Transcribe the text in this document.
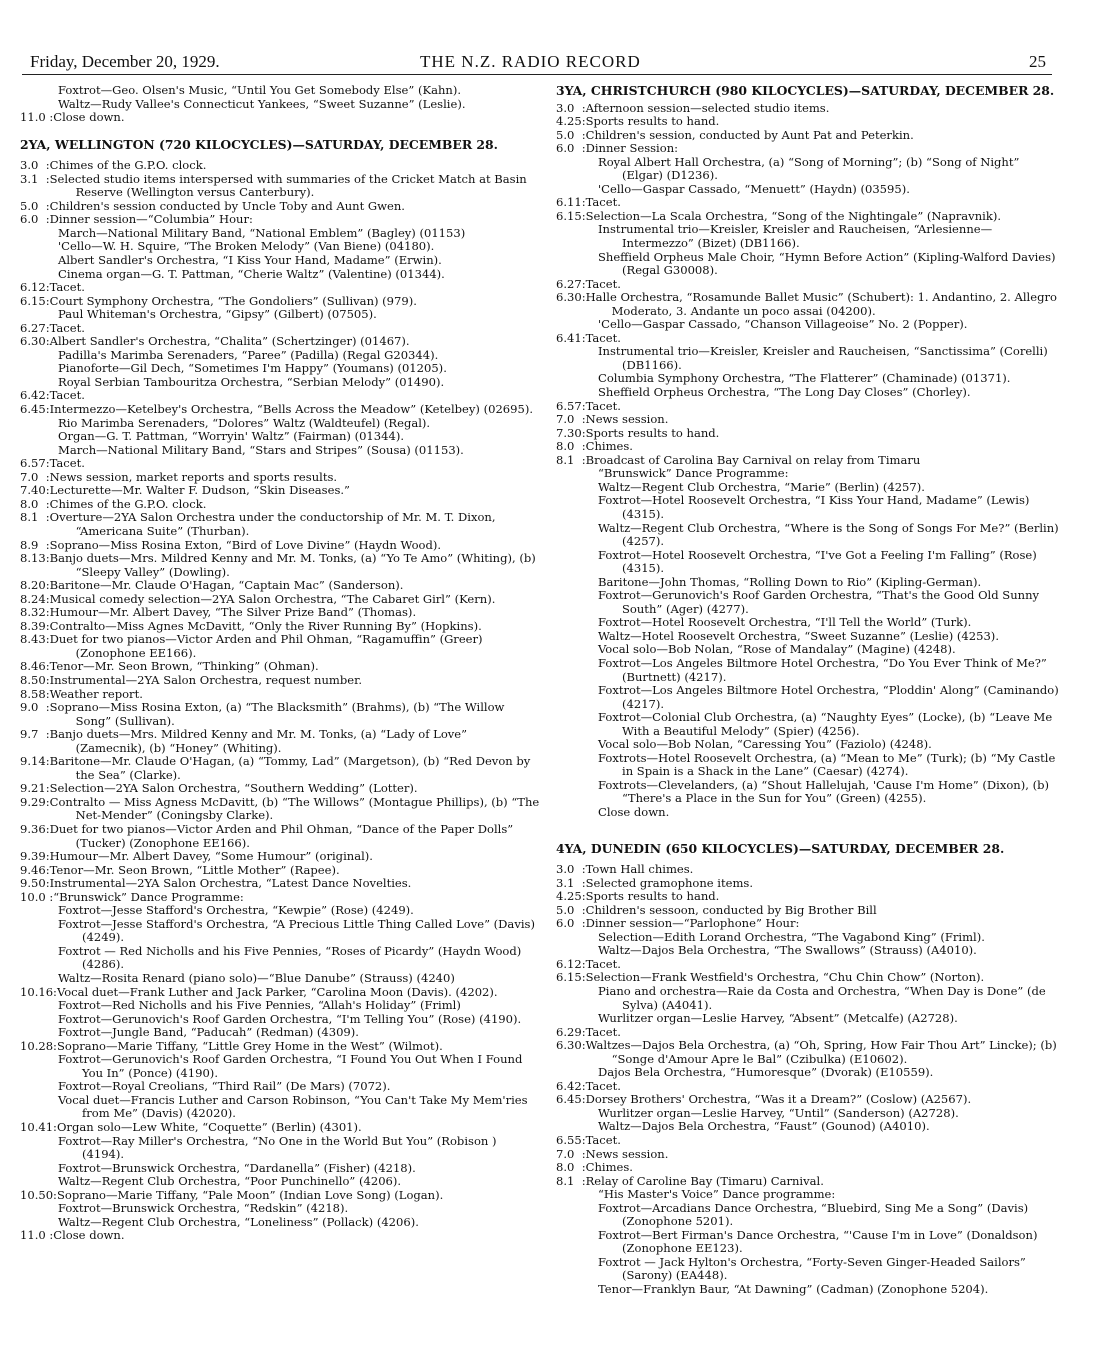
Friday, December 20, 1929.	THE N.Z. RADIO RECORD	25
Foxtrot—Geo. Olsen's Music, “Until You Get Somebody Else” (Kahn).
Waltz—Rudy Vallee's Connecticut Yankees, “Sweet Suzanne” (Leslie).
11.0 : Close down.
2YA, WELLINGTON (720 KILOCYCLES)—SATURDAY, DECEMBER 28.
3.0  : Chimes of the G.P.O. clock.
3.1  : Selected studio items interspersed with summaries of the Cricket Match at Basin Reserve (Wellington versus Canterbury).
5.0  : Children's session conducted by Uncle Toby and Aunt Gwen.
6.0  : Dinner session—“Columbia” Hour:
March—National Military Band, “National Emblem” (Bagley) (01153)
'Cello—W. H. Squire, “The Broken Melody” (Van Biene) (04180).
Albert Sandler's Orchestra, “I Kiss Your Hand, Madame” (Erwin).
Cinema organ—G. T. Pattman, “Cherie Waltz” (Valentine) (01344).
6.12: Tacet.
6.15: Court Symphony Orchestra, “The Gondoliers” (Sullivan) (979).
Paul Whiteman's Orchestra, “Gipsy” (Gilbert) (07505).
6.27: Tacet.
6.30: Albert Sandler's Orchestra, “Chalita” (Schertzinger) (01467).
Padilla's Marimba Serenaders, “Paree” (Padilla) (Regal G20344).
Pianoforte—Gil Dech, “Sometimes I'm Happy” (Youmans) (01205).
Royal Serbian Tambouritza Orchestra, “Serbian Melody” (01490).
6.42: Tacet.
6.45: Intermezzo—Ketelbey's Orchestra, “Bells Across the Meadow” (Ketelbey) (02695).
Rio Marimba Serenaders, “Dolores” Waltz (Waldteufel) (Regal).
Organ—G. T. Pattman, “Worryin' Waltz” (Fairman) (01344).
March—National Military Band, “Stars and Stripes” (Sousa) (01153).
6.57: Tacet.
7.0  : News session, market reports and sports results.
7.40: Lecturette—Mr. Walter F. Dudson, “Skin Diseases.”
8.0  : Chimes of the G.P.O. clock.
8.1  : Overture—2YA Salon Orchestra under the conductorship of Mr. M. T. Dixon, “Americana Suite” (Thurban).
8.9  : Soprano—Miss Rosina Exton, “Bird of Love Divine” (Haydn Wood).
8.13: Banjo duets—Mrs. Mildred Kenny and Mr. M. Tonks, (a) “Yo Te Amo” (Whiting), (b) “Sleepy Valley” (Dowling).
8.20: Baritone—Mr. Claude O'Hagan, “Captain Mac” (Sanderson).
8.24: Musical comedy selection—2YA Salon Orchestra, “The Cabaret Girl” (Kern).
8.32: Humour—Mr. Albert Davey, “The Silver Prize Band” (Thomas).
8.39: Contralto—Miss Agnes McDavitt, “Only the River Running By” (Hopkins).
8.43: Duet for two pianos—Victor Arden and Phil Ohman, “Ragamuffin” (Greer) (Zonophone EE166).
8.46: Tenor—Mr. Seon Brown, “Thinking” (Ohman).
8.50: Instrumental—2YA Salon Orchestra, request number.
8.58: Weather report.
9.0  : Soprano—Miss Rosina Exton, (a) “The Blacksmith” (Brahms), (b) “The Willow Song” (Sullivan).
9.7  : Banjo duets—Mrs. Mildred Kenny and Mr. M. Tonks, (a) “Lady of Love” (Zamecnik), (b) “Honey” (Whiting).
9.14: Baritone—Mr. Claude O'Hagan, (a) “Tommy, Lad” (Margetson), (b) “Red Devon by the Sea” (Clarke).
9.21: Selection—2YA Salon Orchestra, “Southern Wedding” (Lotter).
9.29: Contralto — Miss Agness McDavitt, (b) “The Willows” (Montague Phillips), (b) “The Net-Mender” (Coningsby Clarke).
9.36: Duet for two pianos—Victor Arden and Phil Ohman, “Dance of the Paper Dolls” (Tucker) (Zonophone EE166).
9.39: Humour—Mr. Albert Davey, “Some Humour” (original).
9.46: Tenor—Mr. Seon Brown, “Little Mother” (Rapee).
9.50: Instrumental—2YA Salon Orchestra, “Latest Dance Novelties.
10.0 : “Brunswick” Dance Programme:
Foxtrot—Jesse Stafford's Orchestra, “Kewpie” (Rose) (4249).
Foxtrot—Jesse Stafford's Orchestra, “A Precious Little Thing Called Love” (Davis) (4249).
Foxtrot — Red Nicholls and his Five Pennies, “Roses of Picardy” (Haydn Wood) (4286).
Waltz—Rosita Renard (piano solo)—“Blue Danube” (Strauss) (4240)
10.16: Vocal duet—Frank Luther and Jack Parker, “Carolina Moon (Davis). (4202).
Foxtrot—Red Nicholls and his Five Pennies, “Allah's Holiday” (Friml)
Foxtrot—Gerunovich's Roof Garden Orchestra, “I'm Telling You” (Rose) (4190).
Foxtrot—Jungle Band, “Paducah” (Redman) (4309).
10.28: Soprano—Marie Tiffany, “Little Grey Home in the West” (Wilmot).
Foxtrot—Gerunovich's Roof Garden Orchestra, “I Found You Out When I Found You In” (Ponce) (4190).
Foxtrot—Royal Creolians, “Third Rail” (De Mars) (7072).
Vocal duet—Francis Luther and Carson Robinson, “You Can't Take My Mem'ries from Me” (Davis) (42020).
10.41: Organ solo—Lew White, “Coquette” (Berlin) (4301).
Foxtrot—Ray Miller's Orchestra, “No One in the World But You” (Robison ) (4194).
Foxtrot—Brunswick Orchestra, “Dardanella” (Fisher) (4218).
Waltz—Regent Club Orchestra, “Poor Punchinello” (4206).
10.50: Soprano—Marie Tiffany, “Pale Moon” (Indian Love Song) (Logan).
Foxtrot—Brunswick Orchestra, “Redskin” (4218).
Waltz—Regent Club Orchestra, “Loneliness” (Pollack) (4206).
11.0 : Close down.
3YA, CHRISTCHURCH (980 KILOCYCLES)—SATURDAY, DECEMBER 28.
3.0  : Afternoon session—selected studio items.
4.25: Sports results to hand.
5.0  : Children's session, conducted by Aunt Pat and Peterkin.
6.0  : Dinner Session:
Royal Albert Hall Orchestra, (a) “Song of Morning”; (b) “Song of Night” (Elgar) (D1236).
'Cello—Gaspar Cassado, “Menuett” (Haydn) (03595).
6.11: Tacet.
6.15: Selection—La Scala Orchestra, “Song of the Nightingale” (Napravnik).
Instrumental trio—Kreisler, Kreisler and Raucheisen, “Arlesienne—Intermezzo” (Bizet) (DB1166).
Sheffield Orpheus Male Choir, “Hymn Before Action” (Kipling-Walford Davies) (Regal G30008).
6.27: Tacet.
6.30: Halle Orchestra, “Rosamunde Ballet Music” (Schubert): 1. Andantino, 2. Allegro Moderato, 3. Andante un poco assai (04200).
'Cello—Gaspar Cassado, “Chanson Villageoise” No. 2 (Popper).
6.41: Tacet.
Instrumental trio—Kreisler, Kreisler and Raucheisen, “Sanctissima” (Corelli) (DB1166).
Columbia Symphony Orchestra, “The Flatterer” (Chaminade) (01371).
Sheffield Orpheus Orchestra, “The Long Day Closes” (Chorley).
6.57: Tacet.
7.0  : News session.
7.30: Sports results to hand.
8.0  : Chimes.
8.1  : Broadcast of Carolina Bay Carnival on relay from Timaru
“Brunswick” Dance Programme:
Waltz—Regent Club Orchestra, “Marie” (Berlin) (4257).
Foxtrot—Hotel Roosevelt Orchestra, “I Kiss Your Hand, Madame” (Lewis) (4315).
Waltz—Regent Club Orchestra, “Where is the Song of Songs For Me?” (Berlin) (4257).
Foxtrot—Hotel Roosevelt Orchestra, “I've Got a Feeling I'm Falling” (Rose) (4315).
Baritone—John Thomas, “Rolling Down to Rio” (Kipling-German).
Foxtrot—Gerunovich's Roof Garden Orchestra, “That's the Good Old Sunny South” (Ager) (4277).
Foxtrot—Hotel Roosevelt Orchestra, “I'll Tell the World” (Turk).
Waltz—Hotel Roosevelt Orchestra, “Sweet Suzanne” (Leslie) (4253).
Vocal solo—Bob Nolan, “Rose of Mandalay” (Magine) (4248).
Foxtrot—Los Angeles Biltmore Hotel Orchestra, “Do You Ever Think of Me?” (Burtnett) (4217).
Foxtrot—Los Angeles Biltmore Hotel Orchestra, “Ploddin' Along” (Caminando) (4217).
Foxtrot—Colonial Club Orchestra, (a) “Naughty Eyes” (Locke), (b) “Leave Me With a Beautiful Melody” (Spier) (4256).
Vocal solo—Bob Nolan, “Caressing You” (Faziolo) (4248).
Foxtrots—Hotel Roosevelt Orchestra, (a) “Mean to Me” (Turk); (b) “My Castle in Spain is a Shack in the Lane” (Caesar) (4274).
Foxtrots—Clevelanders, (a) “Shout Hallelujah, 'Cause I'm Home” (Dixon), (b) “There's a Place in the Sun for You” (Green) (4255).
Close down.
4YA, DUNEDIN (650 KILOCYCLES)—SATURDAY, DECEMBER 28.
3.0  : Town Hall chimes.
3.1  : Selected gramophone items.
4.25: Sports results to hand.
5.0  : Children's sessoon, conducted by Big Brother Bill
6.0  : Dinner session—“Parlophone” Hour:
Selection—Edith Lorand Orchestra, “The Vagabond King” (Friml).
Waltz—Dajos Bela Orchestra, “The Swallows” (Strauss) (A4010).
6.12: Tacet.
6.15: Selection—Frank Westfield's Orchestra, “Chu Chin Chow” (Norton).
Piano and orchestra—Raie da Costa and Orchestra, “When Day is Done” (de Sylva) (A4041).
Wurlitzer organ—Leslie Harvey, “Absent” (Metcalfe) (A2728).
6.29: Tacet.
6.30: Waltzes—Dajos Bela Orchestra, (a) “Oh, Spring, How Fair Thou Art” Lincke); (b) “Songe d'Amour Apre le Bal” (Czibulka) (E10602).
Dajos Bela Orchestra, “Humoresque” (Dvorak) (E10559).
6.42: Tacet.
6.45: Dorsey Brothers' Orchestra, “Was it a Dream?” (Coslow) (A2567).
Wurlitzer organ—Leslie Harvey, “Until” (Sanderson) (A2728).
Waltz—Dajos Bela Orchestra, “Faust” (Gounod) (A4010).
6.55: Tacet.
7.0  : News session.
8.0  : Chimes.
8.1  : Relay of Caroline Bay (Timaru) Carnival.
“His Master's Voice” Dance programme:
Foxtrot—Arcadians Dance Orchestra, “Bluebird, Sing Me a Song” (Davis) (Zonophone 5201).
Foxtrot—Bert Firman's Dance Orchestra, “'Cause I'm in Love” (Donaldson) (Zonophone EE123).
Foxtrot — Jack Hylton's Orchestra, “Forty-Seven Ginger-Headed Sailors” (Sarony) (EA448).
Tenor—Franklyn Baur, “At Dawning” (Cadman) (Zonophone 5204).
